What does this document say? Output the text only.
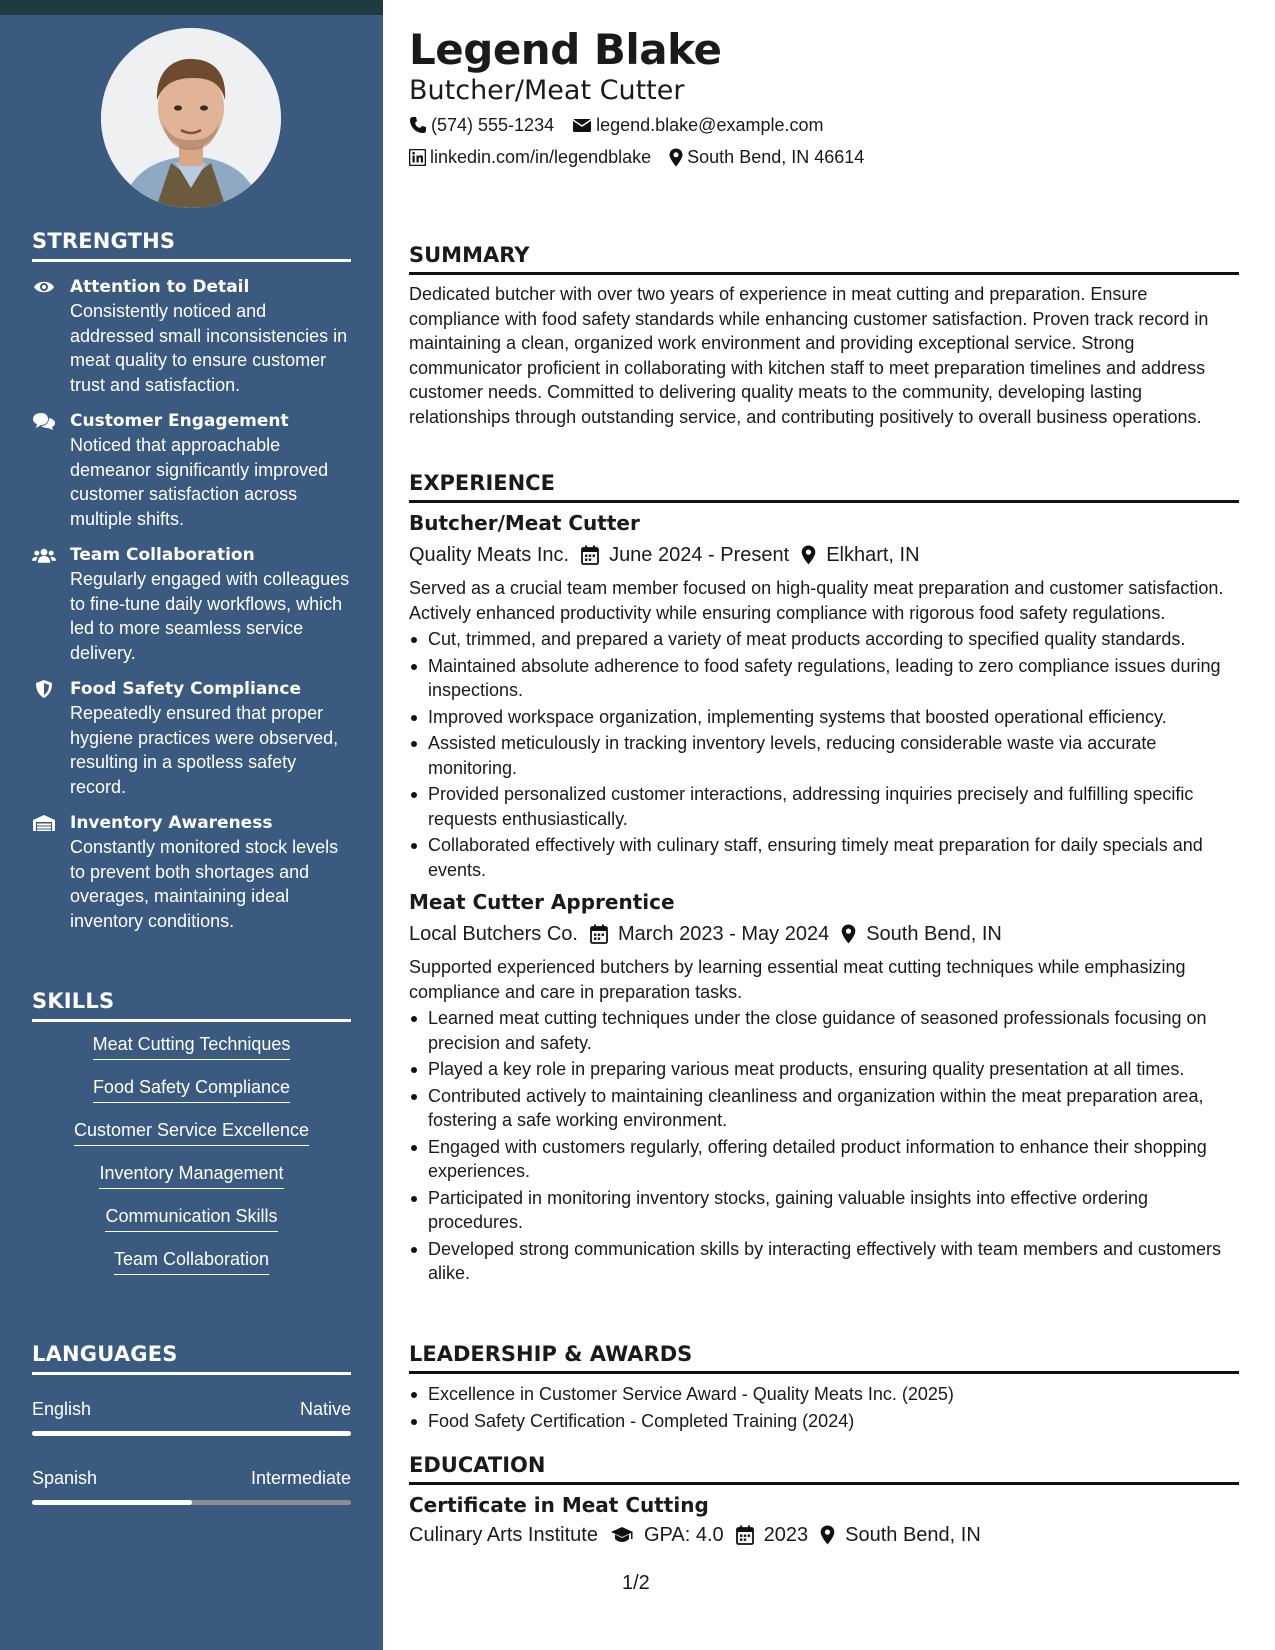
STRENGTHS
Attention to Detail
Consistently noticed and addressed small inconsistencies in meat quality to ensure customer trust and satisfaction.
Customer Engagement
Noticed that approachable demeanor significantly improved customer satisfaction across multiple shifts.
Team Collaboration
Regularly engaged with colleagues to fine-tune daily workflows, which led to more seamless service delivery.
Food Safety Compliance
Repeatedly ensured that proper hygiene practices were observed, resulting in a spotless safety record.
Inventory Awareness
Constantly monitored stock levels to prevent both shortages and overages, maintaining ideal inventory conditions.
SKILLS
Meat Cutting Techniques
Food Safety Compliance
Customer Service Excellence
Inventory Management
Communication Skills
Team Collaboration
LANGUAGES
English	Native
Spanish	Intermediate
Legend Blake
Butcher/Meat Cutter
(574) 555-1234 legend.blake@example.com
linkedin.com/in/legendblake South Bend, IN 46614
SUMMARY

Dedicated butcher with over two years of experience in meat cutting and preparation. Ensure compliance with food safety standards while enhancing customer satisfaction. Proven track record in maintaining a clean, organized work environment and providing exceptional service. Strong communicator proficient in collaborating with kitchen staff to meet preparation timelines and address customer needs. Committed to delivering quality meats to the community, developing lasting relationships through outstanding service, and contributing positively to overall business operations.

EXPERIENCE
Butcher/Meat Cutter
Quality Meats Inc. June 2024 - Present Elkhart, IN

Served as a crucial team member focused on high-quality meat preparation and customer satisfaction. Actively enhanced productivity while ensuring compliance with rigorous food safety regulations.

Cut, trimmed, and prepared a variety of meat products according to specified quality standards.
Maintained absolute adherence to food safety regulations, leading to zero compliance issues during inspections.
Improved workspace organization, implementing systems that boosted operational efficiency.
Assisted meticulously in tracking inventory levels, reducing considerable waste via accurate monitoring.
Provided personalized customer interactions, addressing inquiries precisely and fulfilling specific requests enthusiastically.
Collaborated effectively with culinary staff, ensuring timely meat preparation for daily specials and events.
Meat Cutter Apprentice
Local Butchers Co. March 2023 - May 2024 South Bend, IN

Supported experienced butchers by learning essential meat cutting techniques while emphasizing compliance and care in preparation tasks.

Learned meat cutting techniques under the close guidance of seasoned professionals focusing on precision and safety.
Played a key role in preparing various meat products, ensuring quality presentation at all times.
Contributed actively to maintaining cleanliness and organization within the meat preparation area, fostering a safe working environment.
Engaged with customers regularly, offering detailed product information to enhance their shopping experiences.
Participated in monitoring inventory stocks, gaining valuable insights into effective ordering procedures.
Developed strong communication skills by interacting effectively with team members and customers alike.
LEADERSHIP & AWARDS
Excellence in Customer Service Award - Quality Meats Inc. (2025)
Food Safety Certification - Completed Training (2024)
EDUCATION
Certificate in Meat Cutting
Culinary Arts Institute GPA: 4.0 2023 South Bend, IN
1/2
